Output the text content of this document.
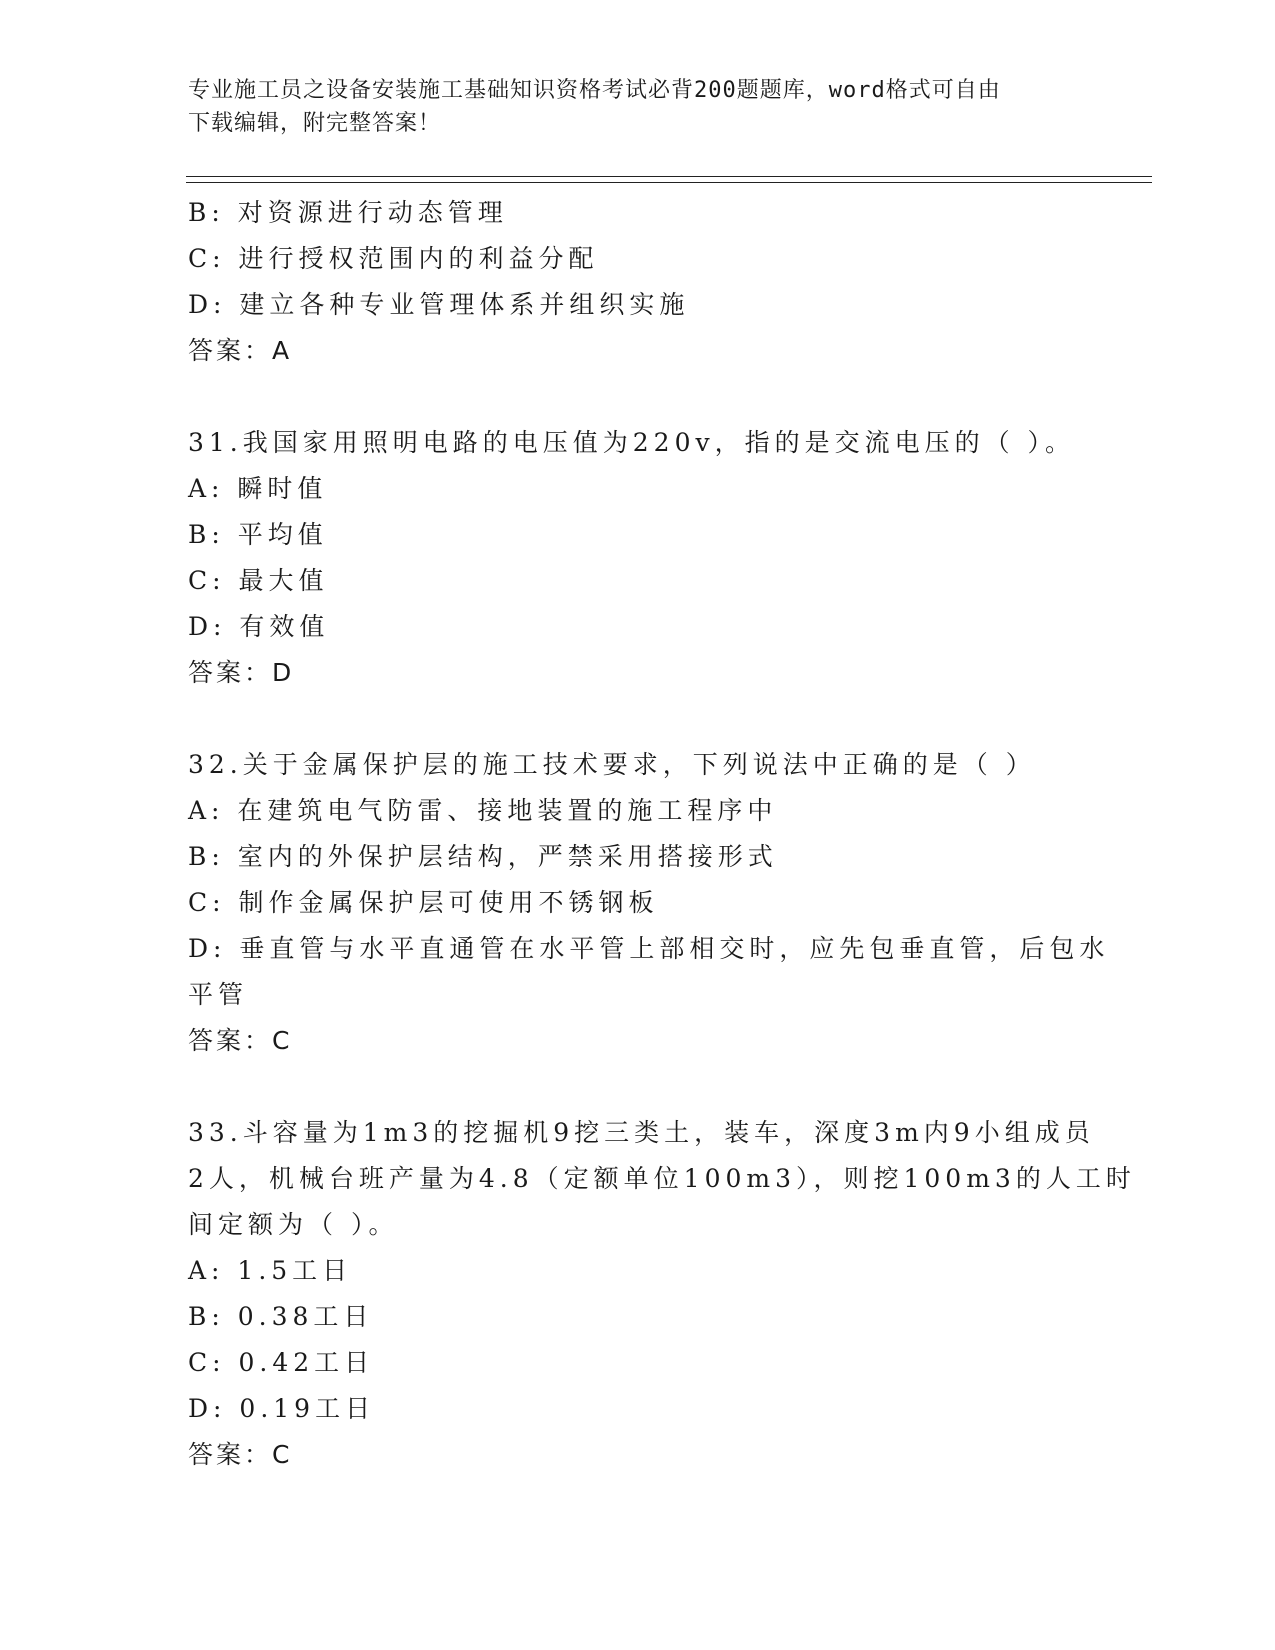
专业施工员之设备安装施工基础知识资格考试必背200题题库，word格式可自由
下载编辑，附完整答案！
B: 对资源进行动态管理
C: 进行授权范围内的利益分配
D: 建立各种专业管理体系并组织实施
答案：A
31.我国家用照明电路的电压值为220v，指的是交流电压的（ ）。
A: 瞬时值
B: 平均值
C: 最大值
D: 有效值
答案：D
32.关于金属保护层的施工技术要求，下列说法中正确的是（ ）
A: 在建筑电气防雷、接地装置的施工程序中
B: 室内的外保护层结构，严禁采用搭接形式
C: 制作金属保护层可使用不锈钢板
D: 垂直管与水平直通管在水平管上部相交时，应先包垂直管，后包水
平管
答案：C
33.斗容量为1m3的挖掘机9挖三类土，装车，深度3m内9小组成员
2人，机械台班产量为4.8（定额单位100m3），则挖100m3的人工时
间定额为（ ）。
A: 1.5工日
B: 0.38工日
C: 0.42工日
D: 0.19工日
答案：C
